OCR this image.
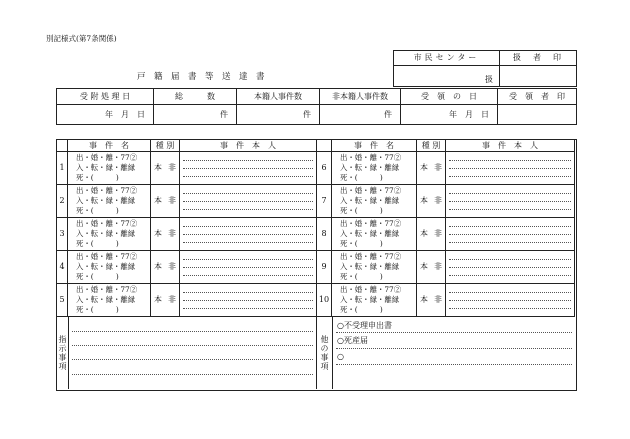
別記様式(第7条関係)
市民センター	扱　者　印
扱	
戸　籍　届　書　等　送　達　書
受 附 処 理 日	総　　　数	本籍人事件数	非本籍人事件数	受　領　の　日	受　領　者　印
年　月　日	件	件	件	年　月　日	
	事　件　名	種 別	事　件　本　人
1	出・婚・離・77②
入・転・縁・離縁
死・(　　　)	本 非	

2	出・婚・離・77②
入・転・縁・離縁
死・(　　　)	本 非	

3	出・婚・離・77②
入・転・縁・離縁
死・(　　　)	本 非	

4	出・婚・離・77②
入・転・縁・離縁
死・(　　　)	本 非	

5	出・婚・離・77②
入・転・縁・離縁
死・(　　　)	本 非	
	事　件　名	種 別	事　件　本　人
6	出・婚・離・77②
入・転・縁・離縁
死・(　　　)	本 非	

7	出・婚・離・77②
入・転・縁・離縁
死・(　　　)	本 非	

8	出・婚・離・77②
入・転・縁・離縁
死・(　　　)	本 非	

9	出・婚・離・77②
入・転・縁・離縁
死・(　　　)	本 非	

10	出・婚・離・77②
入・転・縁・離縁
死・(　　　)	本 非	
指示事項	他の事項
○不受理申出書
○死産届
○
